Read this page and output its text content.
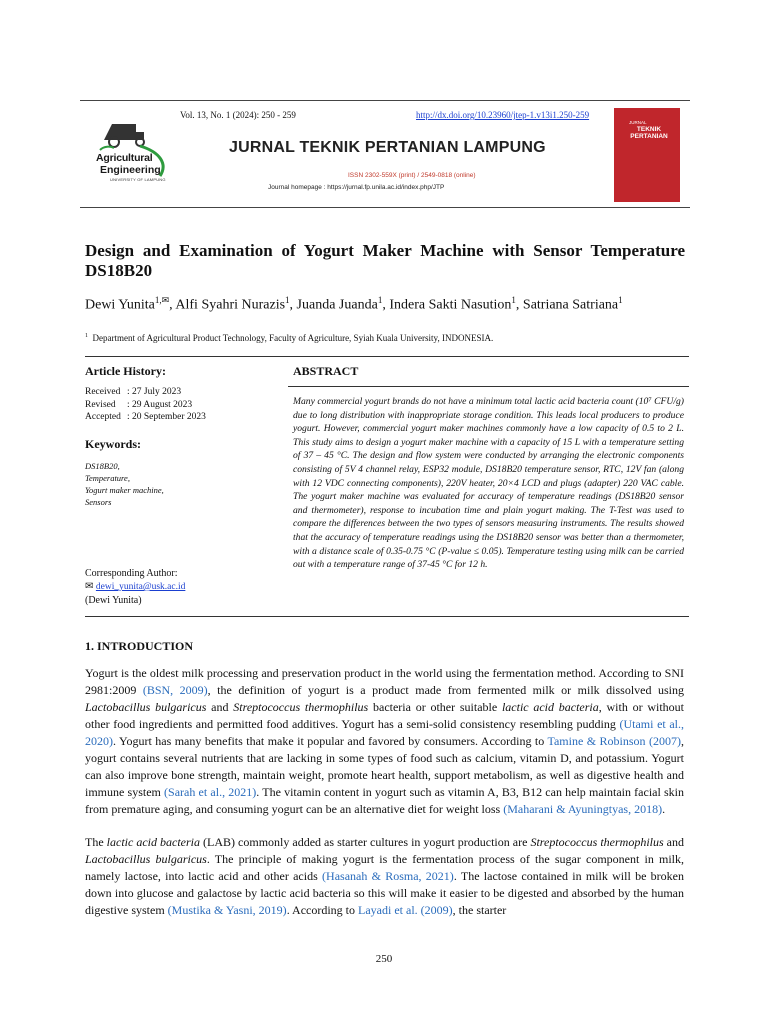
Agricultural
Engineering
UNIVERSITY OF LAMPUNG
Vol. 13, No. 1 (2024): 250 - 259	http://dx.doi.org/10.23960/jtep-1.v13i1.250-259
JURNAL TEKNIK PERTANIAN LAMPUNG
ISSN 2302-559X (print) / 2549-0818 (online)
Journal homepage : https://jurnal.fp.unila.ac.id/index.php/JTP
JURNAL
TEKNIK PERTANIAN
Design and Examination of Yogurt Maker Machine with Sensor Temperature DS18B20
Dewi Yunita$^{1,✉}$, Alfi Syahri Nurazis$^1$, Juanda Juanda$^1$, Indera Sakti Nasution$^1$, Satriana Satriana$^1$
$^1$ Department of Agricultural Product Technology, Faculty of Agriculture, Syiah Kuala University, INDONESIA.
Article History:
Received : 27 July 2023
Revised : 29 August 2023
Accepted : 20 September 2023
Keywords:
DS18B20,
Temperature,
Yogurt maker machine,
Sensors
Corresponding Author:
✉ dewi_yunita@usk.ac.id
(Dewi Yunita)
ABSTRACT
Many commercial yogurt brands do not have a minimum total lactic acid bacteria count (10⁷ CFU/g) due to long distribution with inappropriate storage condition. This leads local producers to produce yogurt. However, commercial yogurt maker machines commonly have a low capacity of 0.5 to 2 L. This study aims to design a yogurt maker machine with a capacity of 15 L with a temperature setting of 37 – 45 °C. The design and flow system were conducted by arranging the electronic components consisting of 5V 4 channel relay, ESP32 module, DS18B20 temperature sensor, RTC, 12V fan (along with 12 VDC connecting components), 220V heater, 20×4 LCD and plugs (adapter) 220 VAC cable. The yogurt maker machine was evaluated for accuracy of temperature readings (DS18B20 sensor and thermometer), response to incubation time and plain yogurt making. The T-Test was used to compare the differences between the two types of sensors measuring instruments. The results showed that the accuracy of temperature readings using the DS18B20 sensor was better than a thermometer, with a distance scale of 0.35-0.75 °C (P-value ≤ 0.05). Temperature testing using milk can be carried out with a temperature range of 37-45 °C for 12 h.
1. INTRODUCTION
Yogurt is the oldest milk processing and preservation product in the world using the fermentation method. According to SNI 2981:2009 (BSN, 2009), the definition of yogurt is a product made from fermented milk or milk dissolved using Lactobacillus bulgaricus and Streptococcus thermophilus bacteria or other suitable lactic acid bacteria, with or without other food ingredients and permitted food additives. Yogurt has a semi-solid consistency resembling pudding (Utami et al., 2020). Yogurt has many benefits that make it popular and favored by consumers. According to Tamine & Robinson (2007), yogurt contains several nutrients that are lacking in some types of food such as calcium, vitamin D, and potassium. Yogurt can also improve bone strength, maintain weight, promote heart health, support metabolism, as well as digestive health and immune system (Sarah et al., 2021). The vitamin content in yogurt such as vitamin A, B3, B12 can help maintain facial skin from premature aging, and consuming yogurt can be an alternative diet for weight loss (Maharani & Ayuningtyas, 2018).
The lactic acid bacteria (LAB) commonly added as starter cultures in yogurt production are Streptococcus thermophilus and Lactobacillus bulgaricus. The principle of making yogurt is the fermentation process of the sugar component in milk, namely lactose, into lactic acid and other acids (Hasanah & Rosma, 2021). The lactose contained in milk will be broken down into glucose and galactose by lactic acid bacteria so this will make it easier to be digested and absorbed by the human digestive system (Mustika & Yasni, 2019). According to Layadi et al. (2009), the starter
250
